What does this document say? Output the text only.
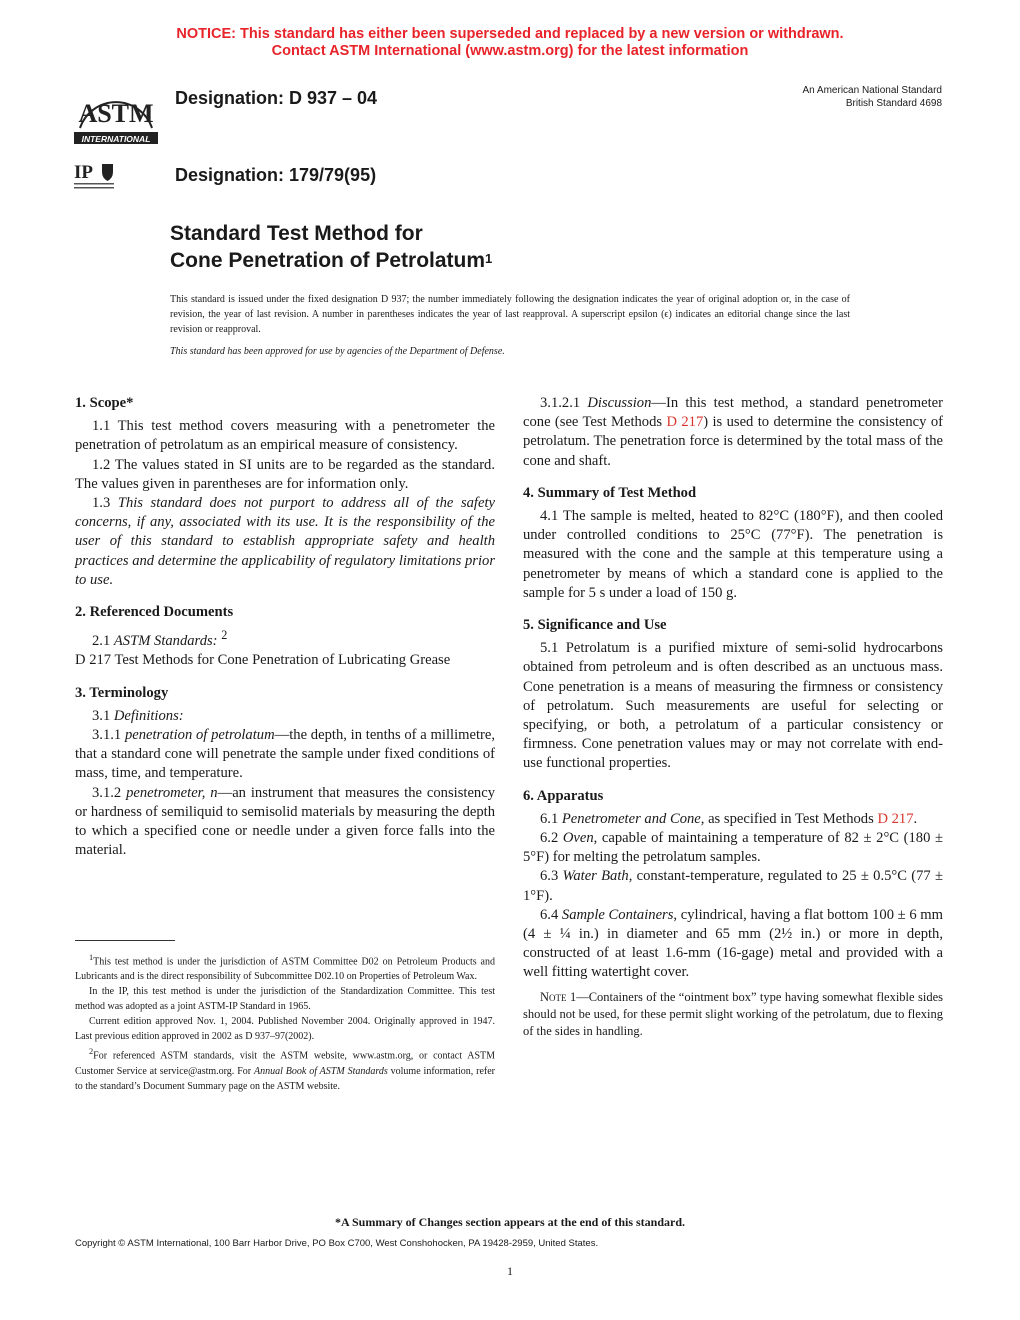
NOTICE: This standard has either been superseded and replaced by a new version or withdrawn.
Contact ASTM International (www.astm.org) for the latest information
ASTM
INTERNATIONAL
IP
Designation: D 937 – 04
Designation: 179/79(95)
An American National Standard
British Standard 4698
Standard Test Method for
Cone Penetration of Petrolatum$^1$
This standard is issued under the fixed designation D 937; the number immediately following the designation indicates the year of original adoption or, in the case of revision, the year of last revision. A number in parentheses indicates the year of last reapproval. A superscript epsilon (ϵ) indicates an editorial change since the last revision or reapproval.
This standard has been approved for use by agencies of the Department of Defense.

1. Scope*

1.1 This test method covers measuring with a penetrometer the penetration of petrolatum as an empirical measure of consistency.

1.2 The values stated in SI units are to be regarded as the standard. The values given in parentheses are for information only.

1.3 This standard does not purport to address all of the safety concerns, if any, associated with its use. It is the responsibility of the user of this standard to establish appropriate safety and health practices and determine the applicability of regulatory limitations prior to use.

2. Referenced Documents

2.1 ASTM Standards: $^2$

D 217 Test Methods for Cone Penetration of Lubricating Grease

3. Terminology

3.1 Definitions:

3.1.1 penetration of petrolatum—the depth, in tenths of a millimetre, that a standard cone will penetrate the sample under fixed conditions of mass, time, and temperature.

3.1.2 penetrometer, n—an instrument that measures the consistency or hardness of semiliquid to semisolid materials by measuring the depth to which a specified cone or needle under a given force falls into the material.

3.1.2.1 Discussion—In this test method, a standard penetrometer cone (see Test Methods D 217) is used to determine the consistency of petrolatum. The penetration force is determined by the total mass of the cone and shaft.

4. Summary of Test Method

4.1 The sample is melted, heated to 82°C (180°F), and then cooled under controlled conditions to 25°C (77°F). The penetration is measured with the cone and the sample at this temperature using a penetrometer by means of which a standard cone is applied to the sample for 5 s under a load of 150 g.

5. Significance and Use

5.1 Petrolatum is a purified mixture of semi-solid hydrocarbons obtained from petroleum and is often described as an unctuous mass. Cone penetration is a means of measuring the firmness or consistency of petrolatum. Such measurements are useful for selecting or specifying, or both, a petrolatum of a particular consistency or firmness. Cone penetration values may or may not correlate with end-use functional properties.

6. Apparatus

6.1 Penetrometer and Cone, as specified in Test Methods D 217.

6.2 Oven, capable of maintaining a temperature of 82 ± 2°C (180 ± 5°F) for melting the petrolatum samples.

6.3 Water Bath, constant-temperature, regulated to 25 ± 0.5°C (77 ± 1°F).

6.4 Sample Containers, cylindrical, having a flat bottom 100 ± 6 mm (4 ± ¼ in.) in diameter and 65 mm (2½ in.) or more in depth, constructed of at least 1.6-mm (16-gage) metal and provided with a well fitting watertight cover.

Note 1—Containers of the “ointment box” type having somewhat flexible sides should not be used, for these permit slight working of the petrolatum, due to flexing of the sides in handling.

$^1$This test method is under the jurisdiction of ASTM Committee D02 on Petroleum Products and Lubricants and is the direct responsibility of Subcommittee D02.10 on Properties of Petroleum Wax.

In the IP, this test method is under the jurisdiction of the Standardization Committee. This test method was adopted as a joint ASTM-IP Standard in 1965.

Current edition approved Nov. 1, 2004. Published November 2004. Originally approved in 1947. Last previous edition approved in 2002 as D 937–97(2002).

$^2$For referenced ASTM standards, visit the ASTM website, www.astm.org, or contact ASTM Customer Service at service@astm.org. For Annual Book of ASTM Standards volume information, refer to the standard’s Document Summary page on the ASTM website.

*A Summary of Changes section appears at the end of this standard.
Copyright © ASTM International, 100 Barr Harbor Drive, PO Box C700, West Conshohocken, PA 19428-2959, United States.
1
